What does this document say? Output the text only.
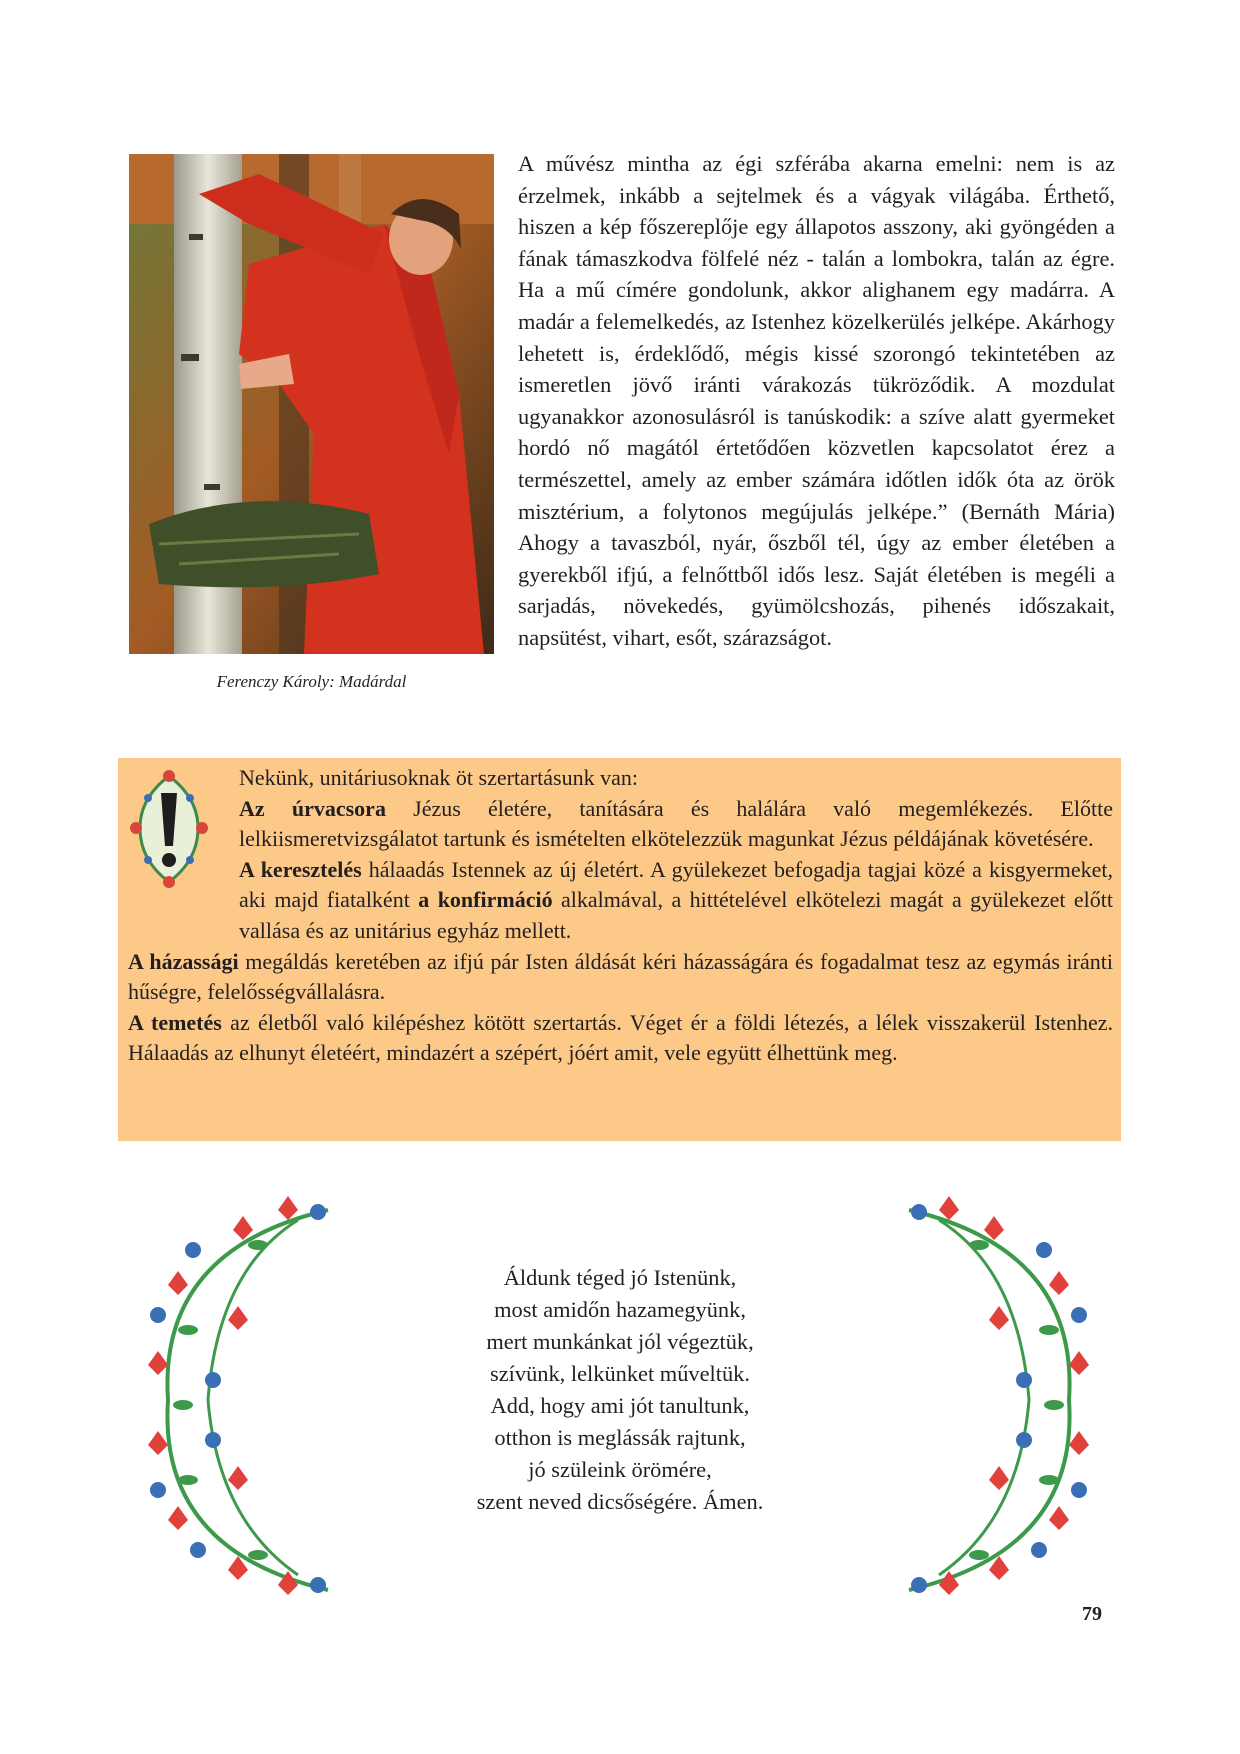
Ferenczy Károly: Madárdal

A művész mintha az égi szférába akarna emelni: nem is az érzelmek, inkább a sejtelmek és a vágyak világába. Érthető, hiszen a kép főszereplője egy állapotos asszony, aki gyöngéden a fának támaszkodva fölfelé néz - talán a lombokra, talán az égre. Ha a mű címére gondolunk, akkor alighanem egy madárra. A madár a felemelkedés, az Istenhez közelkerülés jelképe. Akárhogy lehetett is, érdeklődő, mégis kissé szorongó tekintetében az ismeretlen jövő iránti várakozás tükröződik. A mozdulat ugyanakkor azonosulásról is tanúskodik: a szíve alatt gyermeket hordó nő magától értetődően közvetlen kapcsolatot érez a természettel, amely az ember számára időtlen idők óta az örök misztérium, a folytonos megújulás jelképe.” (Bernáth Mária) Ahogy a tavaszból, nyár, őszből tél, úgy az ember életében a gyerekből ifjú, a felnőttből idős lesz. Saját életében is megéli a sarjadás, növekedés, gyümölcshozás, pihenés időszakait, napsütést, vihart, esőt, szárazságot.

Nekünk, unitáriusoknak öt szertartásunk van:

Az úrvacsora Jézus életére, tanítására és halálára való megemlékezés. Előtte lelkiismeretvizsgálatot tartunk és ismételten elkötelezzük magunkat Jézus példájának követésére.

A keresztelés hálaadás Istennek az új életért. A gyülekezet befogadja tagjai közé a kisgyermeket, aki majd fiatalként a konfirmáció alkalmával, a hittételével elkötelezi magát a gyülekezet előtt vallása és az unitárius egyház mellett.

A házassági megáldás keretében az ifjú pár Isten áldását kéri házasságára és fogadalmat tesz az egymás iránti hűségre, felelősségvállalásra.

A temetés az életből való kilépéshez kötött szertartás. Véget ér a földi létezés, a lélek visszakerül Istenhez. Hálaadás az elhunyt életéért, mindazért a szépért, jóért amit, vele együtt élhettünk meg.

Áldunk téged jó Istenünk,
most amidőn hazamegyünk,
mert munkánkat jól végeztük,
szívünk, lelkünket műveltük.
Add, hogy ami jót tanultunk,
otthon is meglássák rajtunk,
jó szüleink örömére,
szent neved dicsőségére. Ámen.
79
